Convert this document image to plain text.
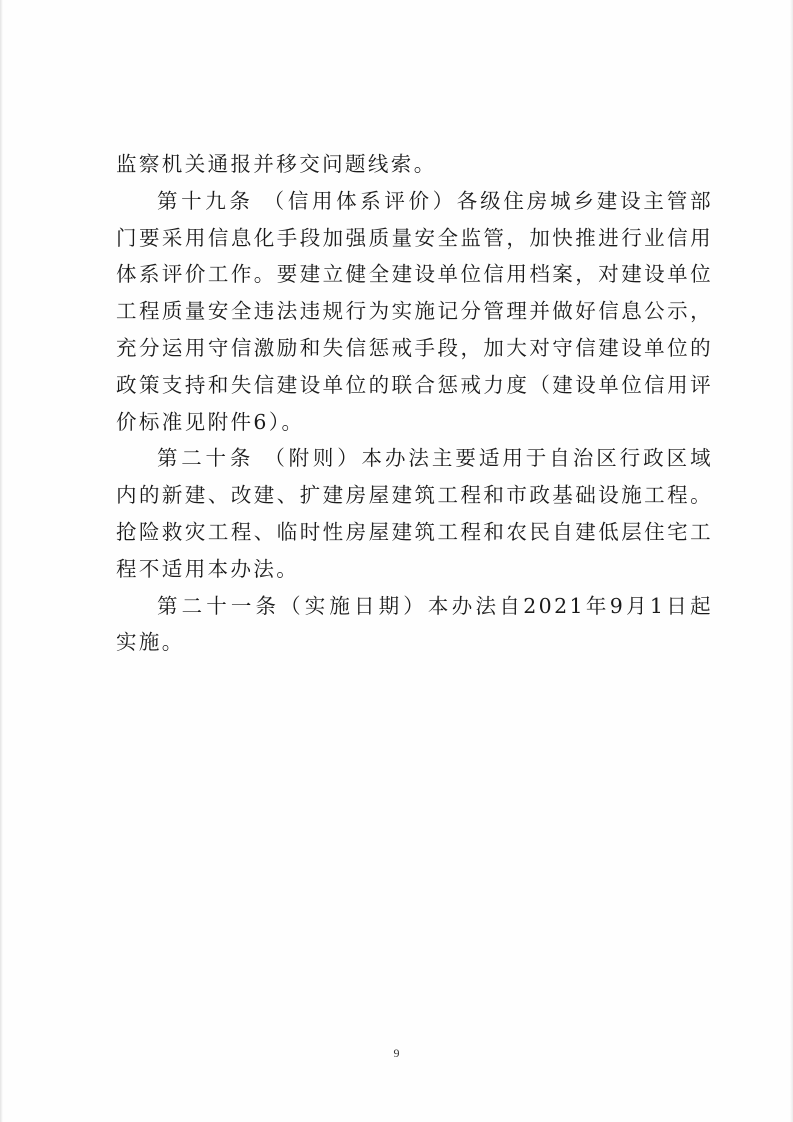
监察机关通报并移交问题线索。

第十九条 （信用体系评价）各级住房城乡建设主管部门要采用信息化手段加强质量安全监管，加快推进行业信用体系评价工作。要建立健全建设单位信用档案，对建设单位工程质量安全违法违规行为实施记分管理并做好信息公示，充分运用守信激励和失信惩戒手段，加大对守信建设单位的政策支持和失信建设单位的联合惩戒力度（建设单位信用评价标准见附件6）。

第二十条 （附则）本办法主要适用于自治区行政区域内的新建、改建、扩建房屋建筑工程和市政基础设施工程。抢险救灾工程、临时性房屋建筑工程和农民自建低层住宅工程不适用本办法。

第二十一条（实施日期）本办法自2021年9月1日起实施。

9
